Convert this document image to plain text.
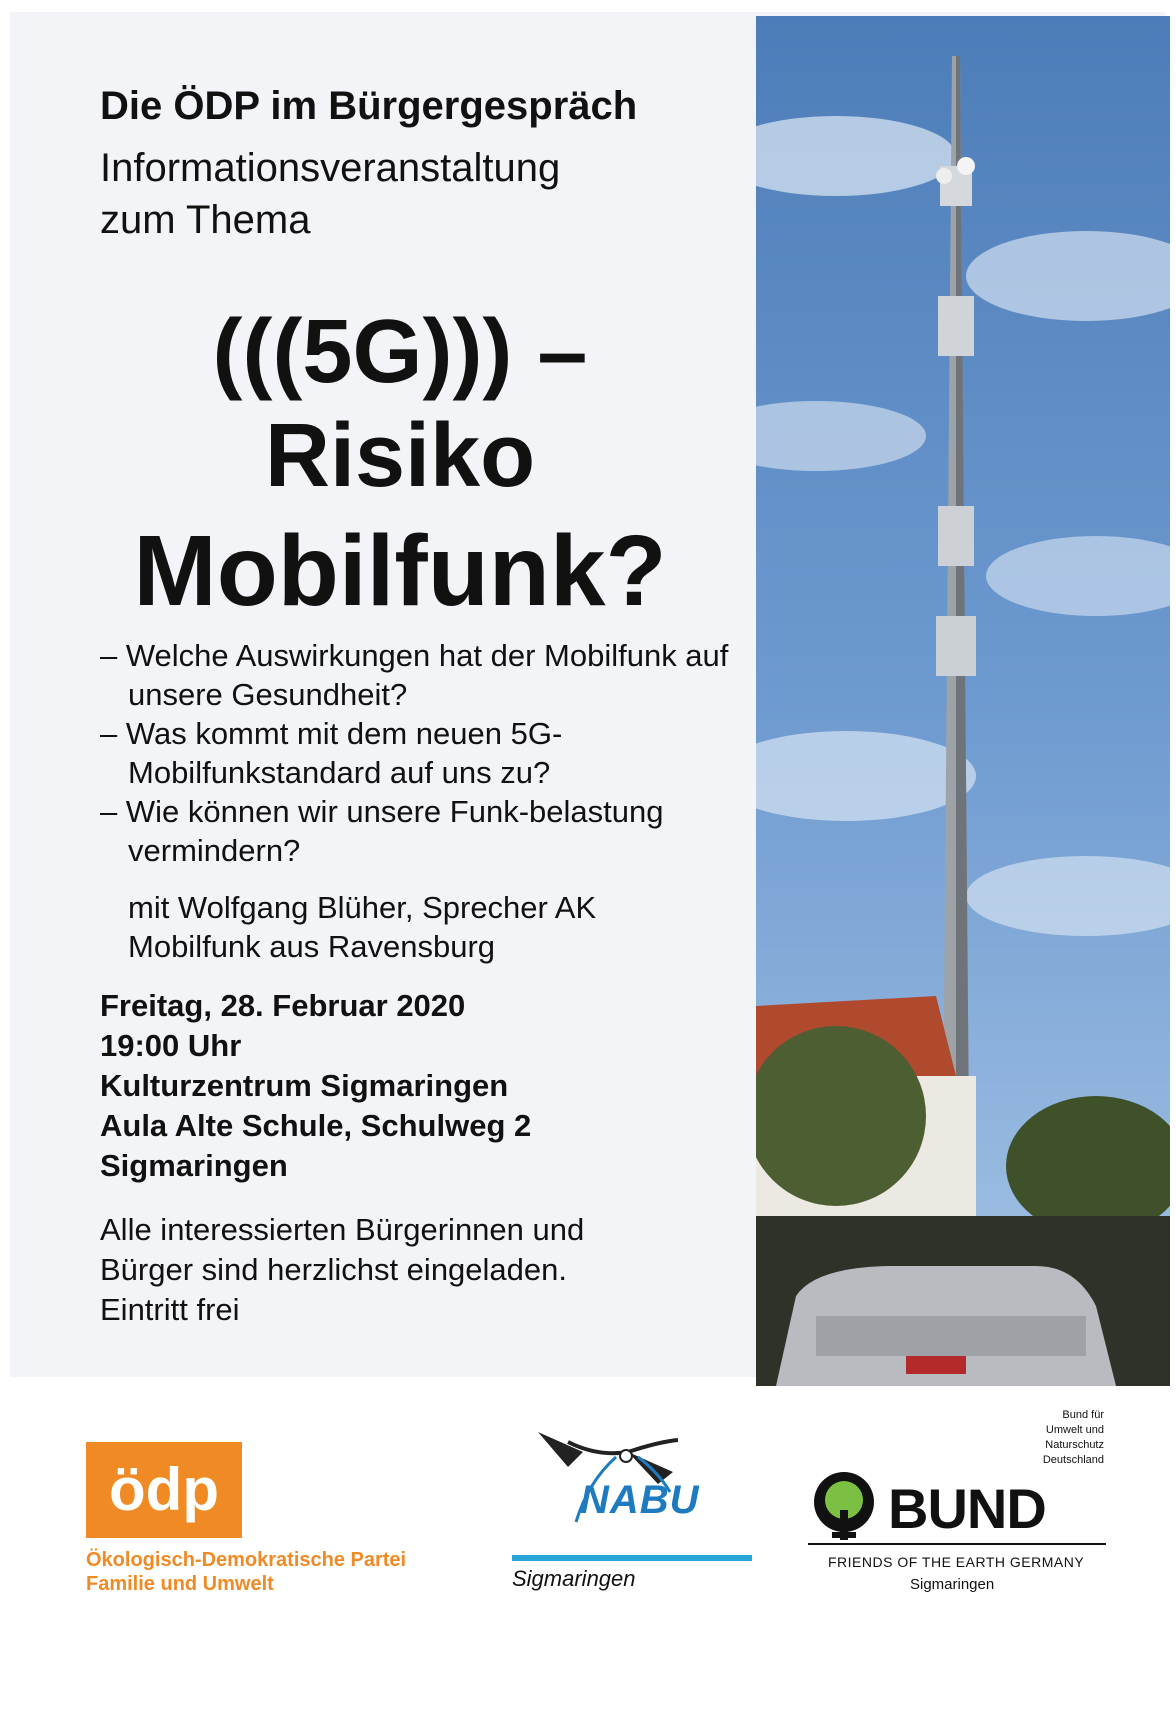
Die ÖDP im Bürgergespräch

Informationsveranstaltung
zum Thema

(((5G))) –

Risiko

Mobilfunk?

– Welche Auswirkungen hat der Mobilfunk auf unsere Gesundheit?
– Was kommt mit dem neuen 5G-Mobilfunkstandard auf uns zu?
– Wie können wir unsere Funk-belastung vermindern?
mit Wolfgang Blüher, Sprecher AK
Mobilfunk aus Ravensburg
Freitag, 28. Februar 2020
19:00 Uhr
Kulturzentrum Sigmaringen
Aula Alte Schule, Schulweg 2
Sigmaringen
Alle interessierten Bürgerinnen und
Bürger sind herzlichst eingeladen.
Eintritt frei
ödp
Ökologisch-Demokratische Partei
Familie und Umwelt
NABU
Sigmaringen
Bund für
Umwelt und
Naturschutz
Deutschland
BUND
FRIENDS OF THE EARTH GERMANY
Sigmaringen
